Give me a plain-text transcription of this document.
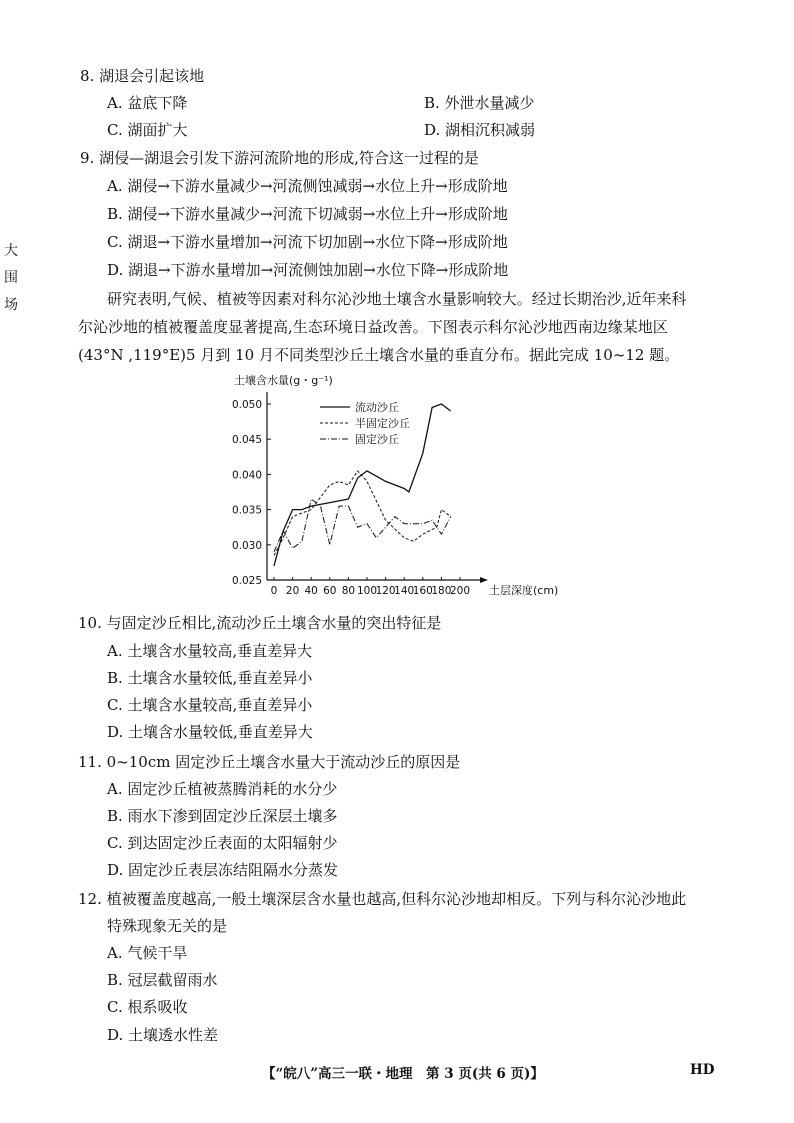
大
围
场
8. 湖退会引起该地
A. 盆底下降	B. 外泄水量减少
C. 湖面扩大	D. 湖相沉积减弱
9. 湖侵—湖退会引发下游河流阶地的形成,符合这一过程的是
A. 湖侵→下游水量减少→河流侧蚀减弱→水位上升→形成阶地
B. 湖侵→下游水量减少→河流下切减弱→水位上升→形成阶地
C. 湖退→下游水量增加→河流下切加剧→水位下降→形成阶地
D. 湖退→下游水量增加→河流侧蚀加剧→水位下降→形成阶地
研究表明,气候、植被等因素对科尔沁沙地土壤含水量影响较大。经过长期治沙,近年来科
尔沁沙地的植被覆盖度显著提高,生态环境日益改善。下图表示科尔沁沙地西南边缘某地区
(43°N ,119°E)5 月到 10 月不同类型沙丘土壤含水量的垂直分布。据此完成 10~12 题。
土壤含水量(g・g⁻¹)
土层深度(cm)
0.025
0.030
0.035
0.040
0.045
0.050
0 20 40 60 80 100
120
140
160
180
200
流动沙丘
半固定沙丘
固定沙丘
10. 与固定沙丘相比,流动沙丘土壤含水量的突出特征是
A. 土壤含水量较高,垂直差异大
B. 土壤含水量较低,垂直差异小
C. 土壤含水量较高,垂直差异小
D. 土壤含水量较低,垂直差异大
11. 0~10cm 固定沙丘土壤含水量大于流动沙丘的原因是
A. 固定沙丘植被蒸腾消耗的水分少
B. 雨水下渗到固定沙丘深层土壤多
C. 到达固定沙丘表面的太阳辐射少
D. 固定沙丘表层冻结阻隔水分蒸发
12. 植被覆盖度越高,一般土壤深层含水量也越高,但科尔沁沙地却相反。下列与科尔沁沙地此
特殊现象无关的是
A. 气候干旱
B. 冠层截留雨水
C. 根系吸收
D. 土壤透水性差
【“皖八”高三一联・地理　第 3 页(共 6 页)】	HD
